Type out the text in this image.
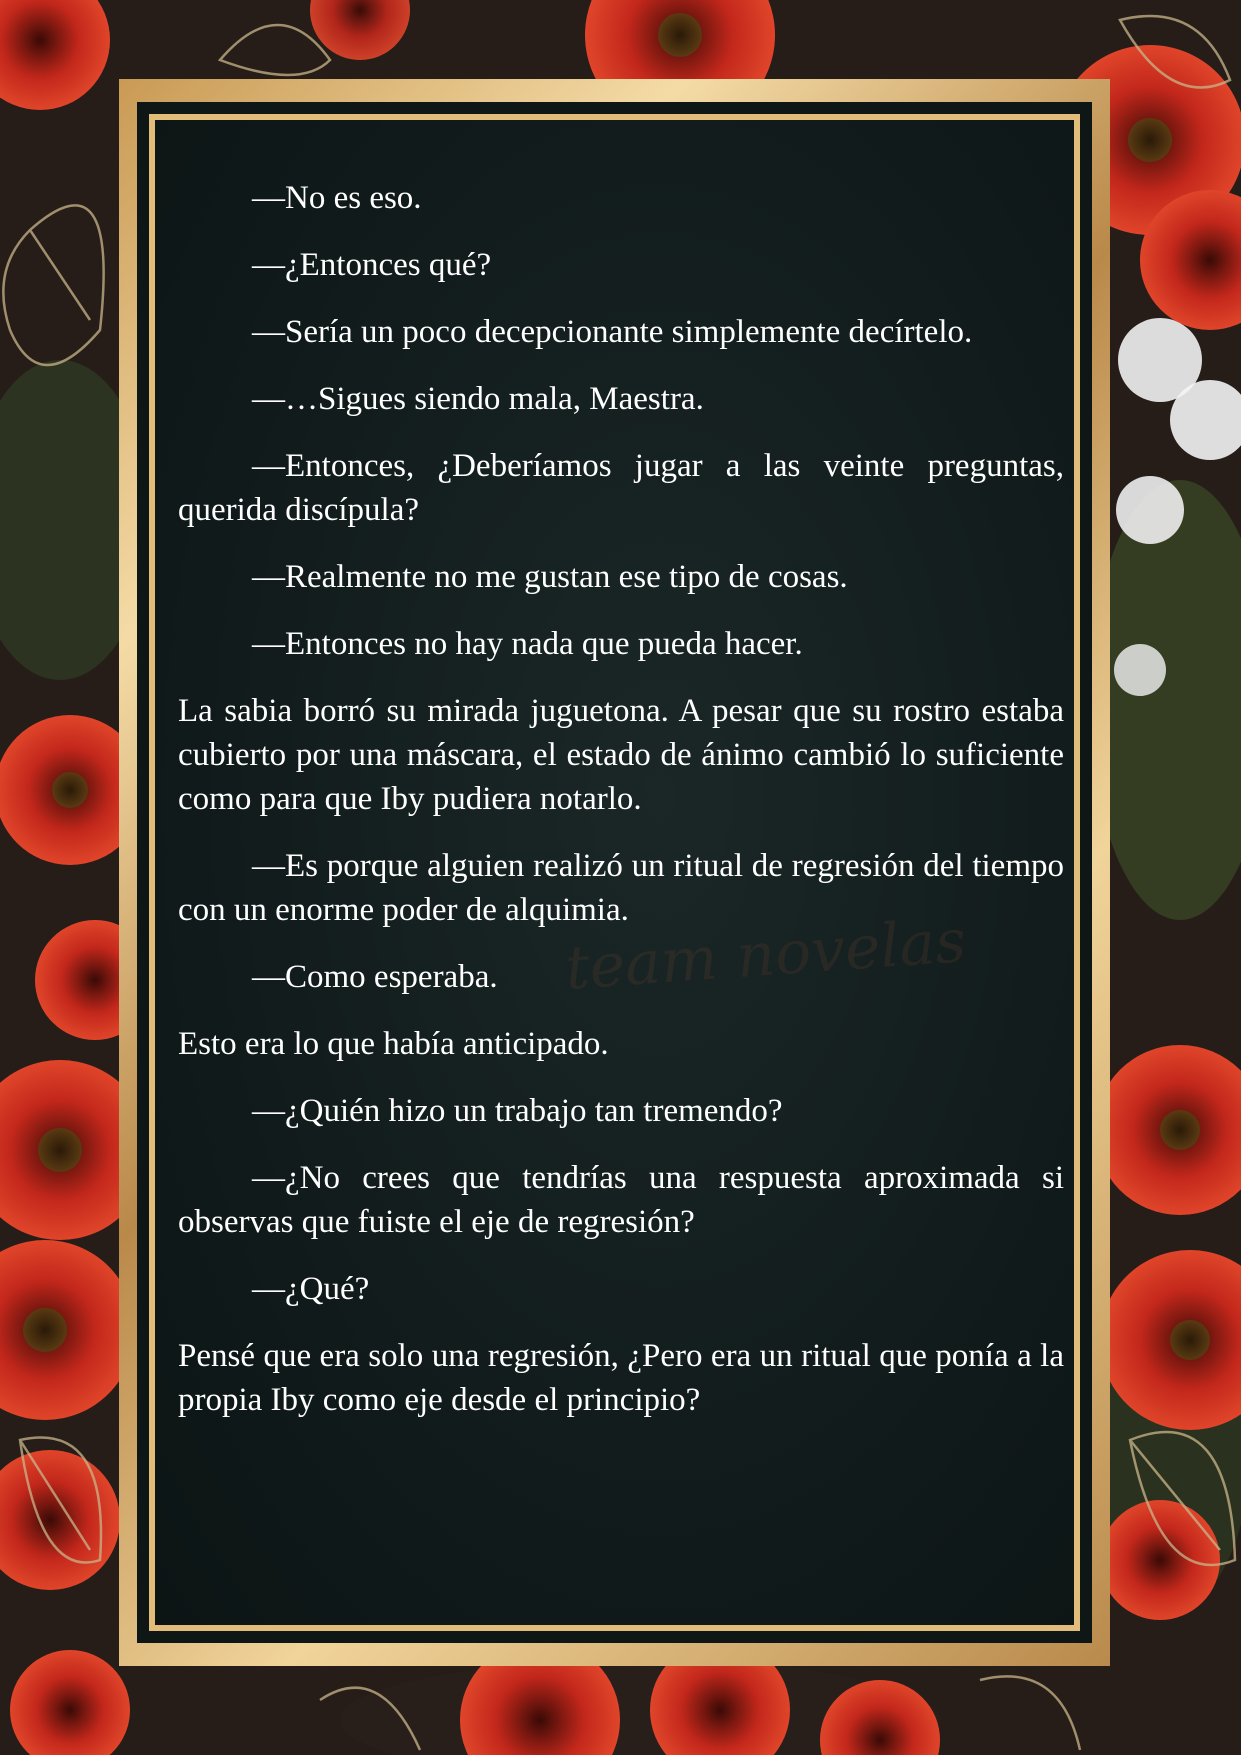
team novelas

—No es eso.

—¿Entonces qué?

—Sería un poco decepcionante simplemente decírtelo.

—…Sigues siendo mala, Maestra.

—Entonces, ¿Deberíamos jugar a las veinte preguntas, querida discípula?

—Realmente no me gustan ese tipo de cosas.

—Entonces no hay nada que pueda hacer.

La sabia borró su mirada juguetona. A pesar que su rostro estaba cubierto por una máscara, el estado de ánimo cambió lo suficiente como para que Iby pudiera notarlo.

—Es porque alguien realizó un ritual de regresión del tiempo con un enorme poder de alquimia.

—Como esperaba.

Esto era lo que había anticipado.

—¿Quién hizo un trabajo tan tremendo?

—¿No crees que tendrías una respuesta aproximada si observas que fuiste el eje de regresión?

—¿Qué?

Pensé que era solo una regresión, ¿Pero era un ritual que ponía a la propia Iby como eje desde el principio?
